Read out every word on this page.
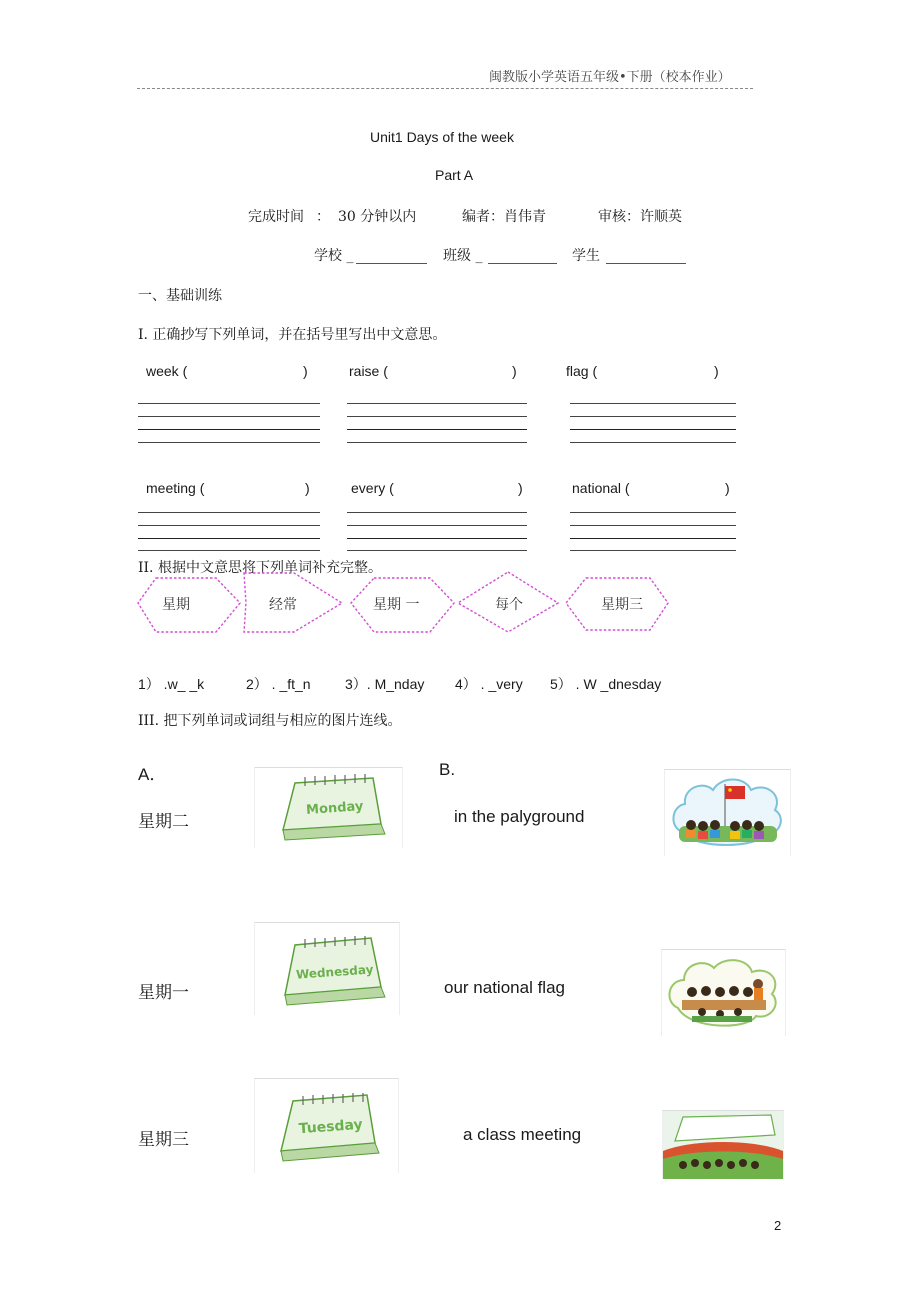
闽教版小学英语五年级•下册（校本作业）
Unit1 Days of the week
Part A
完成时间 ： 30 分钟以内	编者：肖伟青	审核：许顺英
学校 _	班级 _	学生
一、基础训练
I. 正确抄写下列单词，并在括号里写出中文意思。
week (	)	raise (	)	flag (	)
meeting (	)	every (	)	national (	)
II. 根据中文意思将下列单词补充完整。
星期	经常	星期 一	每个	星期三
1） .w_ _k	2） . _ft_n 3）. M_nday 4） . _very 5） . W _dnesday
III. 把下列单词或词组与相应的图片连线。
A．	B.
星期二
星期一
星期三
Monday
Wednesday
Tuesday
in the palyground
our national flag
a class meeting
2
